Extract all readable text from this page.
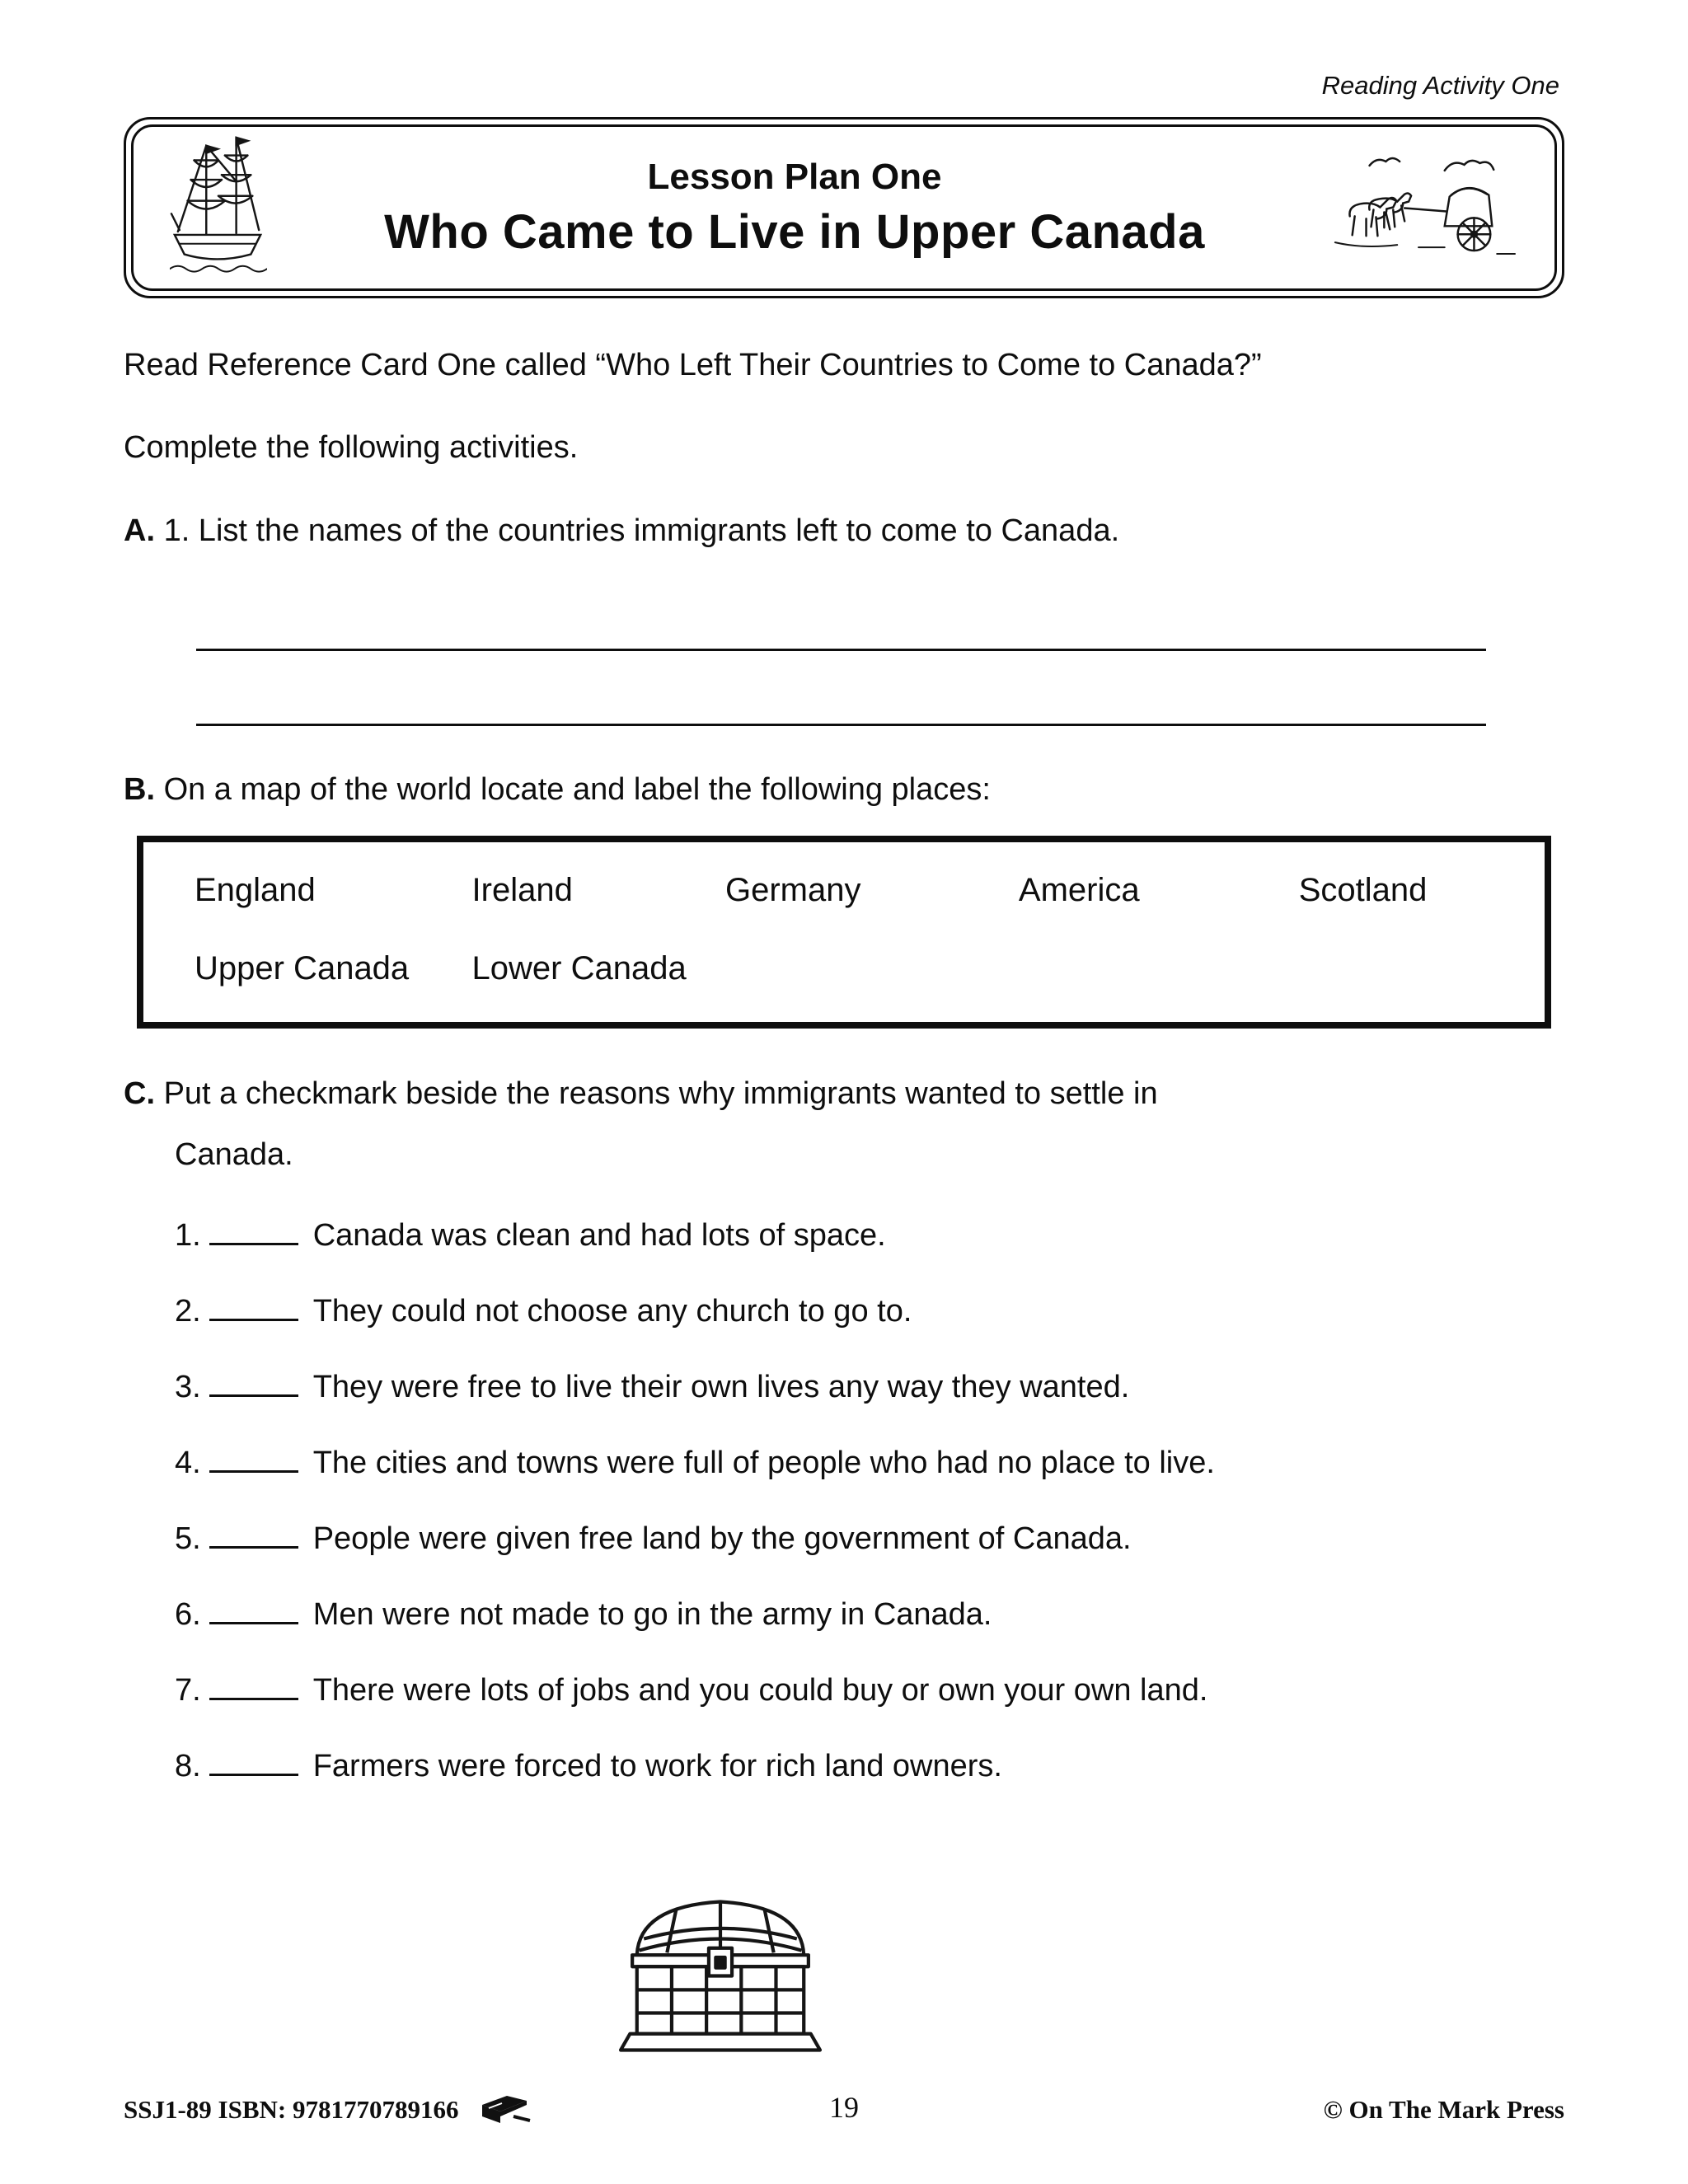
Reading Activity One
Lesson Plan One
Who Came to Live in Upper Canada
Read Reference Card One called “Who Left Their Countries to Come to Canada?”
Complete the following activities.
A. 1. List the names of the countries immigrants left to come to Canada.
B. On a map of the world locate and label the following places:
England	Ireland	Germany	America	Scotland
Upper Canada	Lower Canada
C. Put a checkmark beside the reasons why immigrants wanted to settle in
Canada.
1.	Canada was clean and had lots of space.
2.	They could not choose any church to go to.
3.	They were free to live their own lives any way they wanted.
4.	The cities and towns were full of people who had no place to live.
5.	People were given free land by the government of Canada.
6.	Men were not made to go in the army in Canada.
7.	There were lots of jobs and you could buy or own your own land.
8.	Farmers were forced to work for rich land owners.
SSJ1-89 ISBN: 9781770789166	19	© On The Mark Press
